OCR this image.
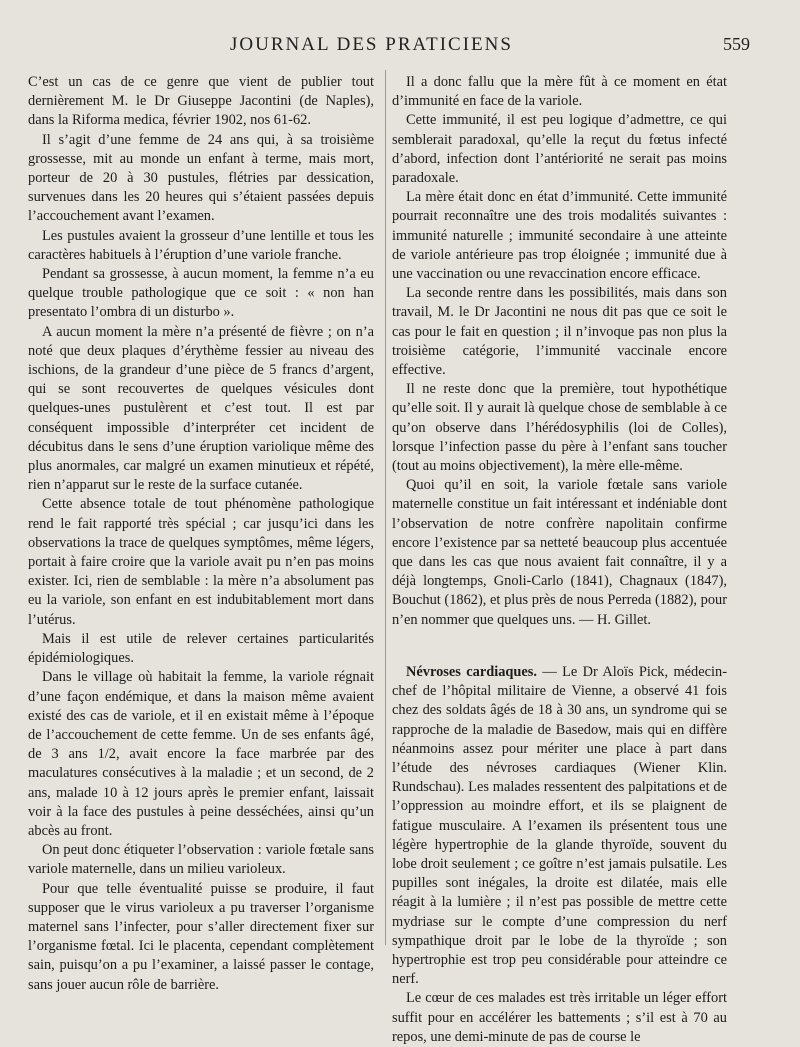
JOURNAL DES PRATICIENS	559

C’est un cas de ce genre que vient de publier tout dernièrement M. le Dr Giuseppe Jacontini (de Naples), dans la Riforma medica, février 1902, nos 61-62.

Il s’agit d’une femme de 24 ans qui, à sa troisième grossesse, mit au monde un enfant à terme, mais mort, porteur de 20 à 30 pustules, flétries par dessication, survenues dans les 20 heures qui s’étaient passées depuis l’accouchement avant l’examen.

Les pustules avaient la grosseur d’une lentille et tous les caractères habituels à l’éruption d’une variole franche.

Pendant sa grossesse, à aucun moment, la femme n’a eu quelque trouble pathologique que ce soit : « non han presentato l’ombra di un disturbo ».

A aucun moment la mère n’a présenté de fièvre ; on n’a noté que deux plaques d’érythème fessier au niveau des ischions, de la grandeur d’une pièce de 5 francs d’argent, qui se sont recouvertes de quelques vésicules dont quelques-unes pustulèrent et c’est tout. Il est par conséquent impossible d’interpréter cet incident de décubitus dans le sens d’une éruption variolique même des plus anormales, car malgré un examen minutieux et répété, rien n’apparut sur le reste de la surface cutanée.

Cette absence totale de tout phénomène pathologique rend le fait rapporté très spécial ; car jusqu’ici dans les observations la trace de quelques symptômes, même légers, portait à faire croire que la variole avait pu n’en pas moins exister. Ici, rien de semblable : la mère n’a absolument pas eu la variole, son enfant en est indubitablement mort dans l’utérus.

Mais il est utile de relever certaines particularités épidémiologiques.

Dans le village où habitait la femme, la variole régnait d’une façon endémique, et dans la maison même avaient existé des cas de variole, et il en existait même à l’époque de l’accouchement de cette femme. Un de ses enfants âgé, de 3 ans 1/2, avait encore la face marbrée par des maculatures consécutives à la maladie ; et un second, de 2 ans, malade 10 à 12 jours après le premier enfant, laissait voir à la face des pustules à peine desséchées, ainsi qu’un abcès au front.

On peut donc étiqueter l’observation : variole fœtale sans variole maternelle, dans un milieu varioleux.

Pour que telle éventualité puisse se produire, il faut supposer que le virus varioleux a pu traverser l’organisme maternel sans l’infecter, pour s’aller directement fixer sur l’organisme fœtal. Ici le placenta, cependant complètement sain, puisqu’on a pu l’examiner, a laissé passer le contage, sans jouer aucun rôle de barrière.

Il a donc fallu que la mère fût à ce moment en état d’immunité en face de la variole.

Cette immunité, il est peu logique d’admettre, ce qui semblerait paradoxal, qu’elle la reçut du fœtus infecté d’abord, infection dont l’antériorité ne serait pas moins paradoxale.

La mère était donc en état d’immunité. Cette immunité pourrait reconnaître une des trois modalités suivantes : immunité naturelle ; immunité secondaire à une atteinte de variole antérieure pas trop éloignée ; immunité due à une vaccination ou une revaccination encore efficace.

La seconde rentre dans les possibilités, mais dans son travail, M. le Dr Jacontini ne nous dit pas que ce soit le cas pour le fait en question ; il n’invoque pas non plus la troisième catégorie, l’immunité vaccinale encore effective.

Il ne reste donc que la première, tout hypothétique qu’elle soit. Il y aurait là quelque chose de semblable à ce qu’on observe dans l’hérédosyphilis (loi de Colles), lorsque l’infection passe du père à l’enfant sans toucher (tout au moins objectivement), la mère elle-même.

Quoi qu’il en soit, la variole fœtale sans variole maternelle constitue un fait intéressant et indéniable dont l’observation de notre confrère napolitain confirme encore l’existence par sa netteté beaucoup plus accentuée que dans les cas que nous avaient fait connaître, il y a déjà longtemps, Gnoli-Carlo (1841), Chagnaux (1847), Bouchut (1862), et plus près de nous Perreda (1882), pour n’en nommer que quelques uns. — H. Gillet.

Névroses cardiaques. — Le Dr Aloïs Pick, médecin-chef de l’hôpital militaire de Vienne, a observé 41 fois chez des soldats âgés de 18 à 30 ans, un syndrome qui se rapproche de la maladie de Basedow, mais qui en diffère néanmoins assez pour mériter une place à part dans l’étude des névroses cardiaques (Wiener Klin. Rundschau). Les malades ressentent des palpitations et de l’oppression au moindre effort, et ils se plaignent de fatigue musculaire. A l’examen ils présentent tous une légère hypertrophie de la glande thyroïde, souvent du lobe droit seulement ; ce goître n’est jamais pulsatile. Les pupilles sont inégales, la droite est dilatée, mais elle réagit à la lumière ; il n’est pas possible de mettre cette mydriase sur le compte d’une compression du nerf sympathique droit par le lobe de la thyroïde ; son hypertrophie est trop peu considérable pour atteindre ce nerf.

Le cœur de ces malades est très irritable un léger effort suffit pour en accélérer les battements ; s’il est à 70 au repos, une demi-minute de pas de course le
